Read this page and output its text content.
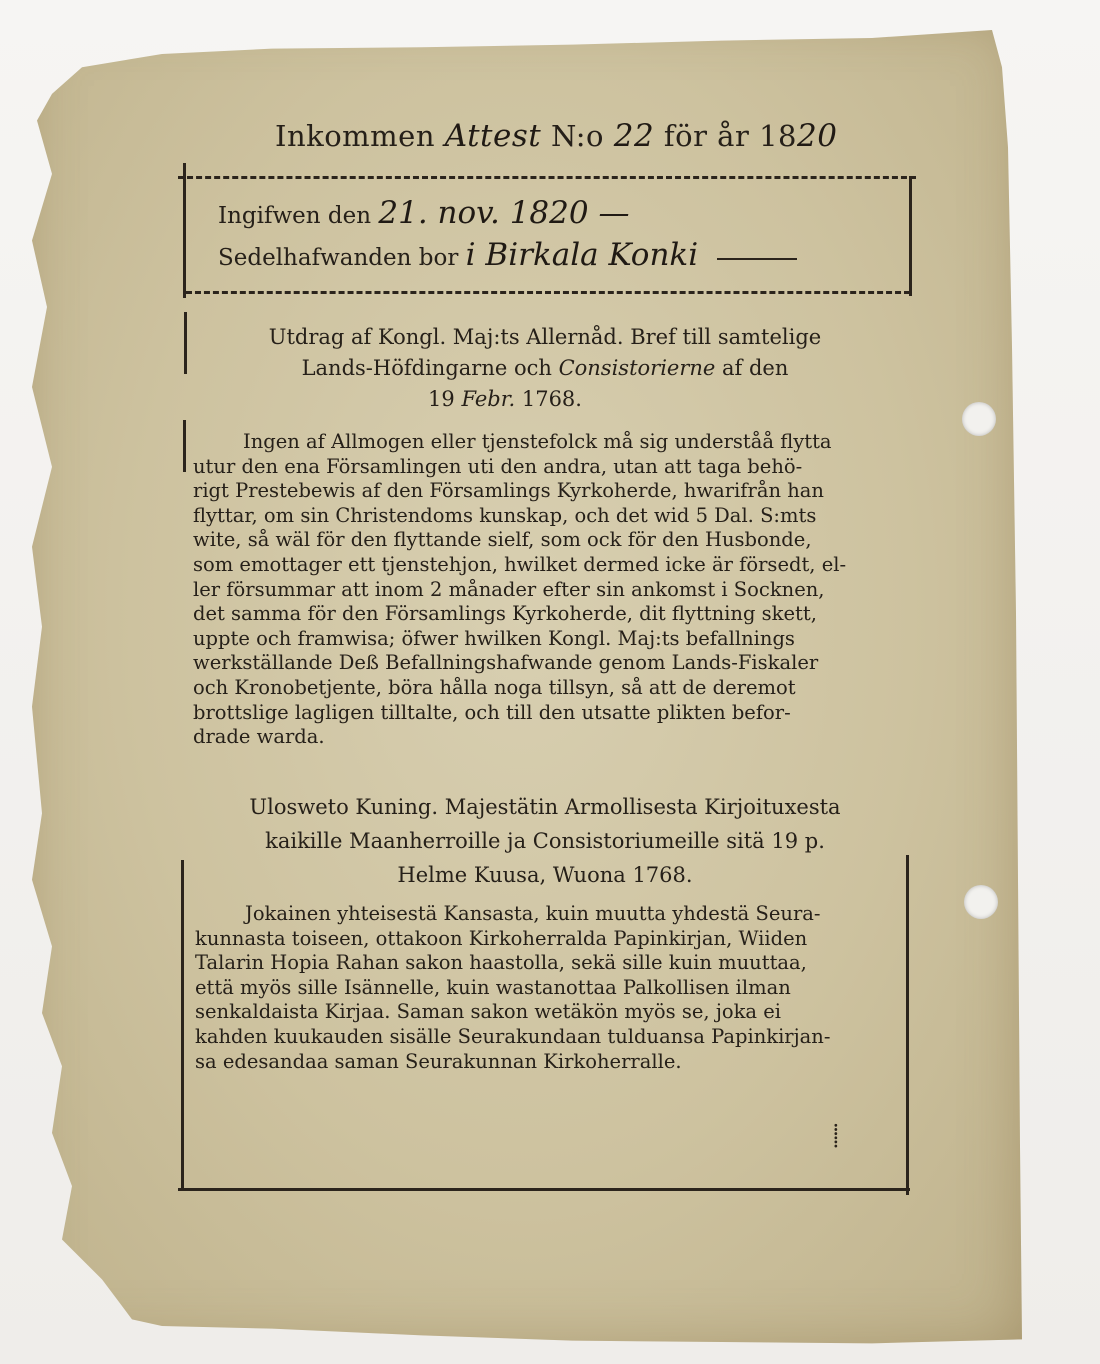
Inkommen Attest N:o 22 för år 1820
Ingifwen den 21. nov. 1820 —
Sedelhafwanden bor i Birkala Konki
Utdrag af Kongl. Maj:ts Allernåd. Bref till samtelige
Lands-Höfdingarne och Consistorierne af den
19 Febr. 1768.
Ingen af Allmogen eller tjenstefolck må sig underståå flytta
utur den ena Församlingen uti den andra, utan att taga behö-
rigt Prestebewis af den Församlings Kyrkoherde, hwarifrån han
flyttar, om sin Christendoms kunskap, och det wid 5 Dal. S:mts
wite, så wäl för den flyttande sielf, som ock för den Husbonde,
som emottager ett tjenstehjon, hwilket dermed icke är försedt, el-
ler försummar att inom 2 månader efter sin ankomst i Socknen,
det samma för den Församlings Kyrkoherde, dit flyttning skett,
uppte och framwisa; öfwer hwilken Kongl. Maj:ts befallnings
werkställande Deß Befallningshafwande genom Lands-Fiskaler
och Kronobetjente, böra hålla noga tillsyn, så att de deremot
brottslige lagligen tilltalte, och till den utsatte plikten befor-
drade warda.
Ulosweto Kuning. Majestätin Armollisesta Kirjoituxesta
kaikille Maanherroille ja Consistoriumeille sitä 19 p.
Helme Kuusa, Wuona 1768.
Jokainen yhteisestä Kansasta, kuin muutta yhdestä Seura-
kunnasta toiseen, ottakoon Kirkoherralda Papinkirjan, Wiiden
Talarin Hopia Rahan sakon haastolla, sekä sille kuin muuttaa,
että myös sille Isännelle, kuin wastanottaa Palkollisen ilman
senkaldaista Kirjaa. Saman sakon wetäkön myös se, joka ei
kahden kuukauden sisälle Seurakundaan tulduansa Papinkirjan-
sa edesandaa saman Seurakunnan Kirkoherralle.
⸽
